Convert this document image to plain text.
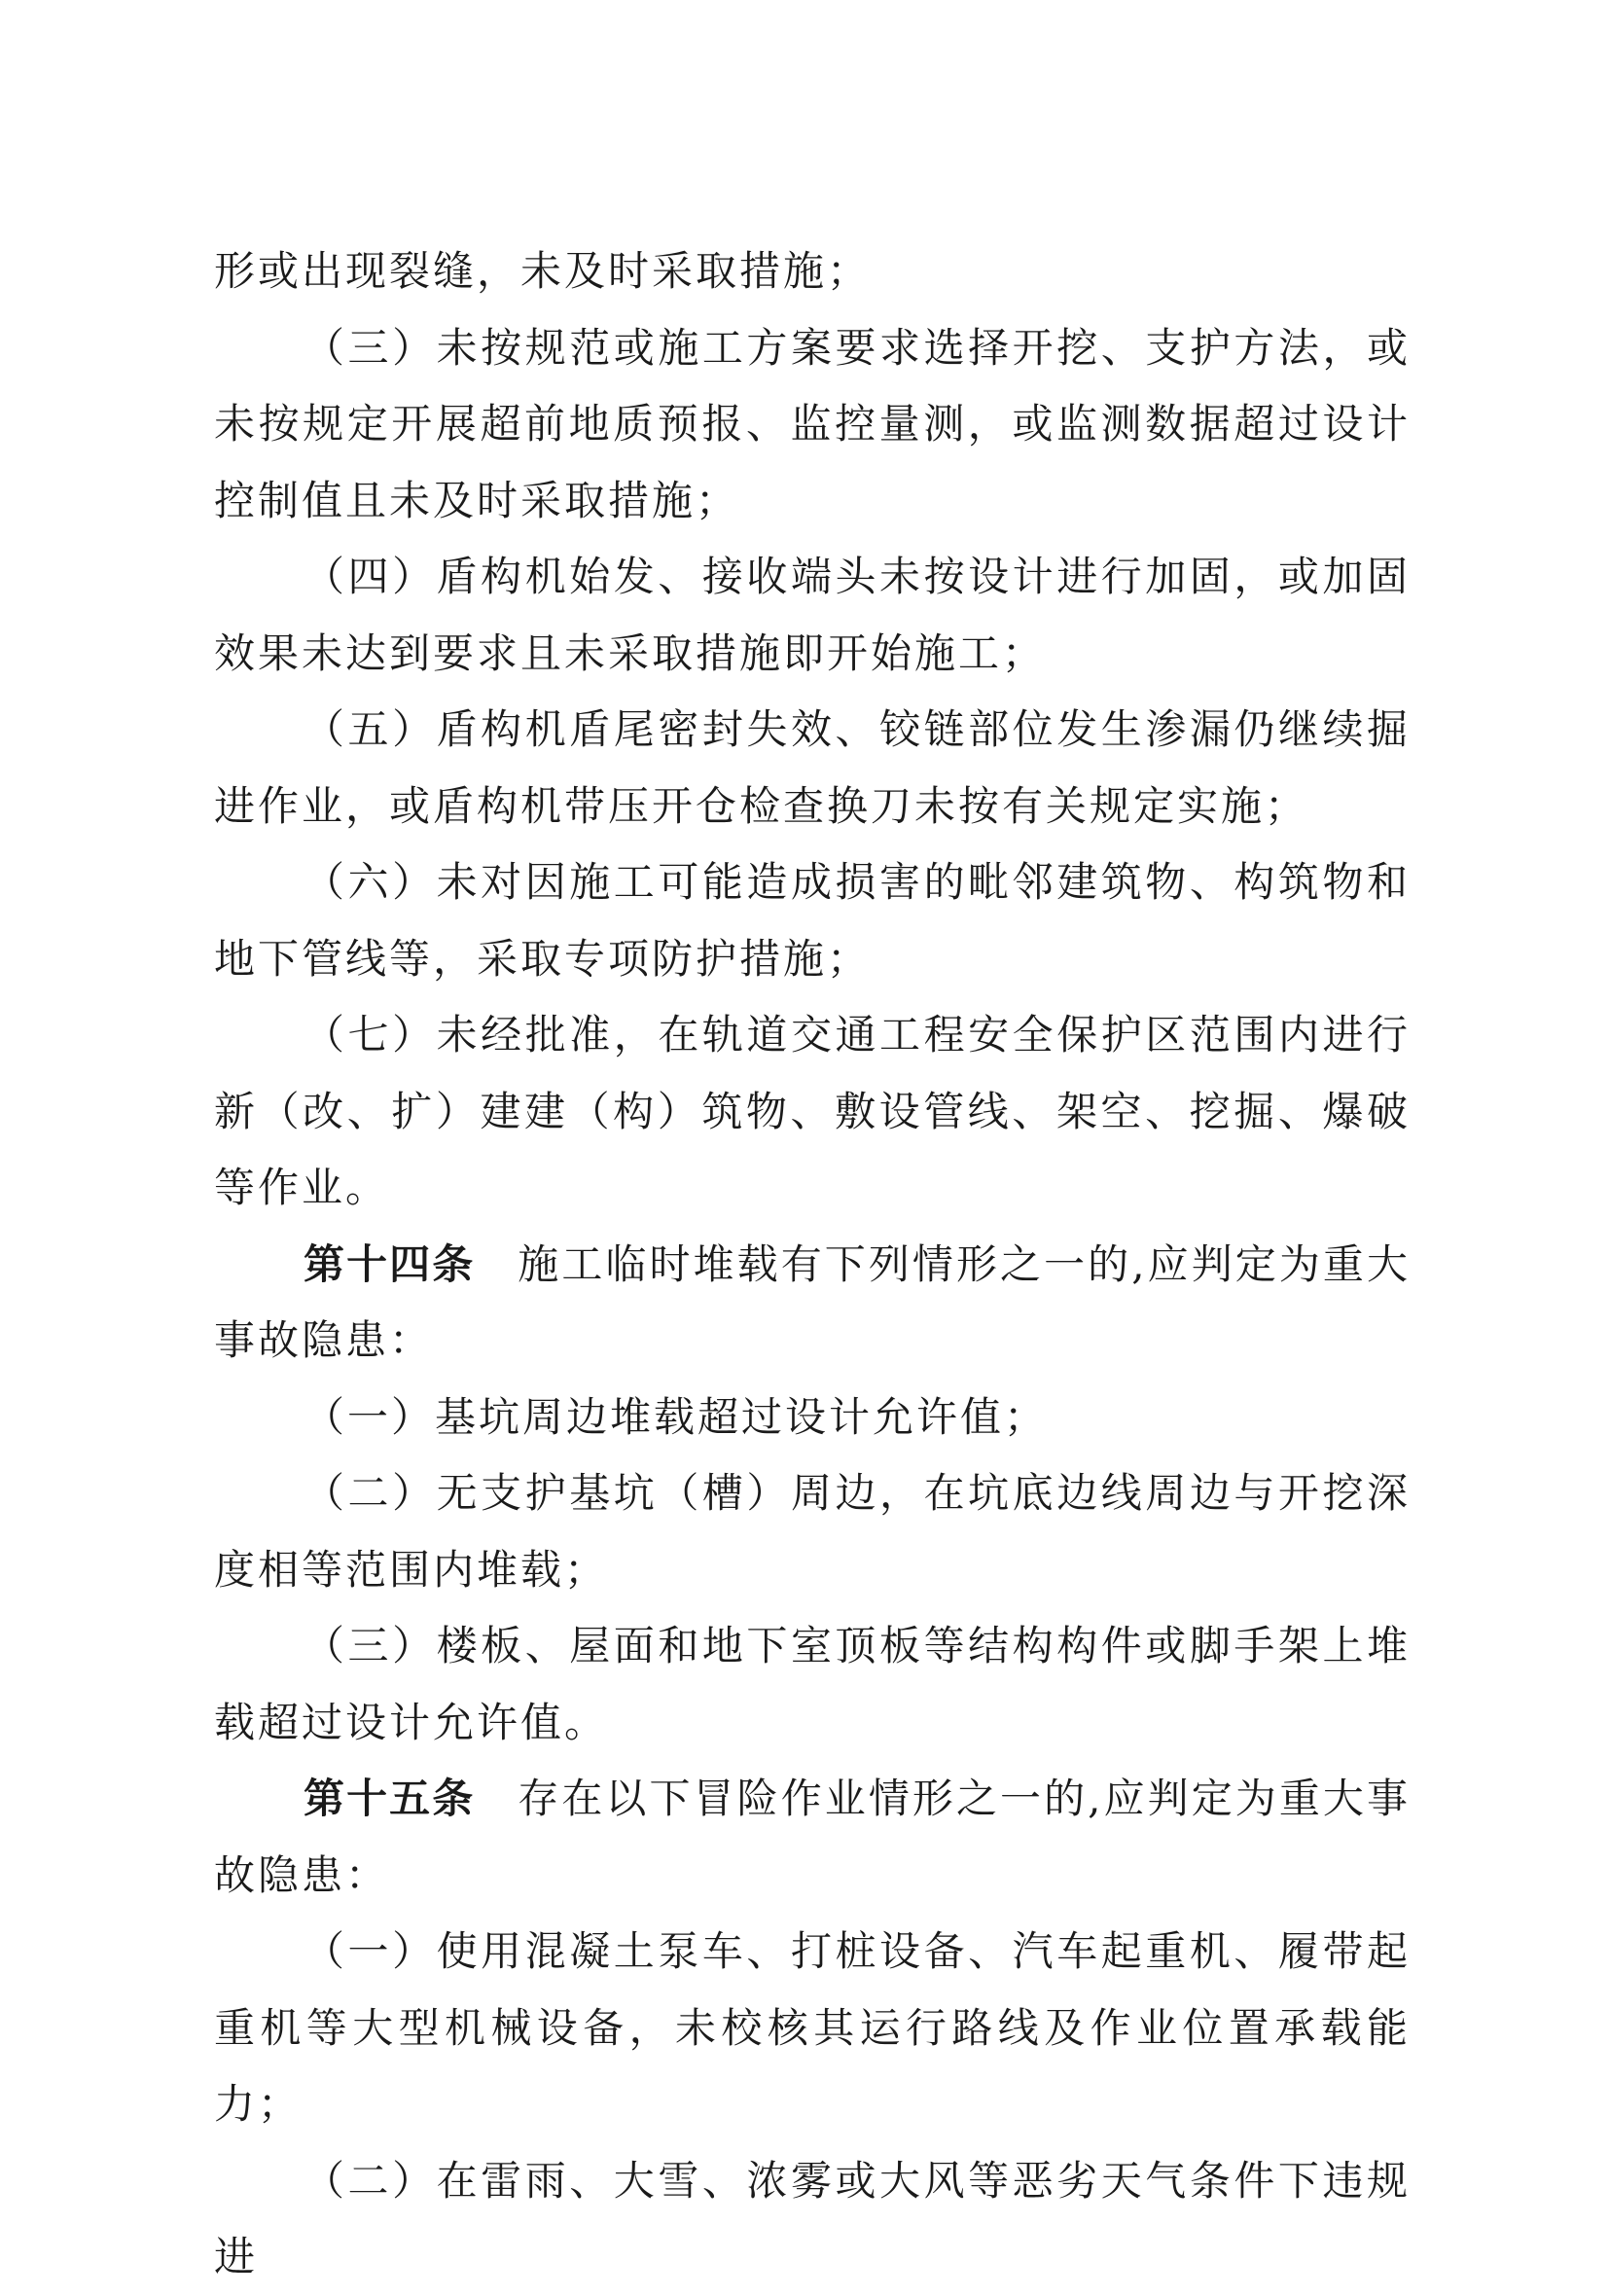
形或出现裂缝，未及时采取措施；

（三）未按规范或施工方案要求选择开挖、支护方法，或未按规定开展超前地质预报、监控量测，或监测数据超过设计控制值且未及时采取措施；

（四）盾构机始发、接收端头未按设计进行加固，或加固效果未达到要求且未采取措施即开始施工；

（五）盾构机盾尾密封失效、铰链部位发生渗漏仍继续掘进作业，或盾构机带压开仓检查换刀未按有关规定实施；

（六）未对因施工可能造成损害的毗邻建筑物、构筑物和地下管线等，采取专项防护措施；

（七）未经批准，在轨道交通工程安全保护区范围内进行新（改、扩）建建（构）筑物、敷设管线、架空、挖掘、爆破等作业。

第十四条 施工临时堆载有下列情形之一的,应判定为重大事故隐患：

（一）基坑周边堆载超过设计允许值；

（二）无支护基坑（槽）周边，在坑底边线周边与开挖深度相等范围内堆载；

（三）楼板、屋面和地下室顶板等结构构件或脚手架上堆载超过设计允许值。

第十五条 存在以下冒险作业情形之一的,应判定为重大事故隐患：

（一）使用混凝土泵车、打桩设备、汽车起重机、履带起重机等大型机械设备，未校核其运行路线及作业位置承载能力；

（二）在雷雨、大雪、浓雾或大风等恶劣天气条件下违规进
